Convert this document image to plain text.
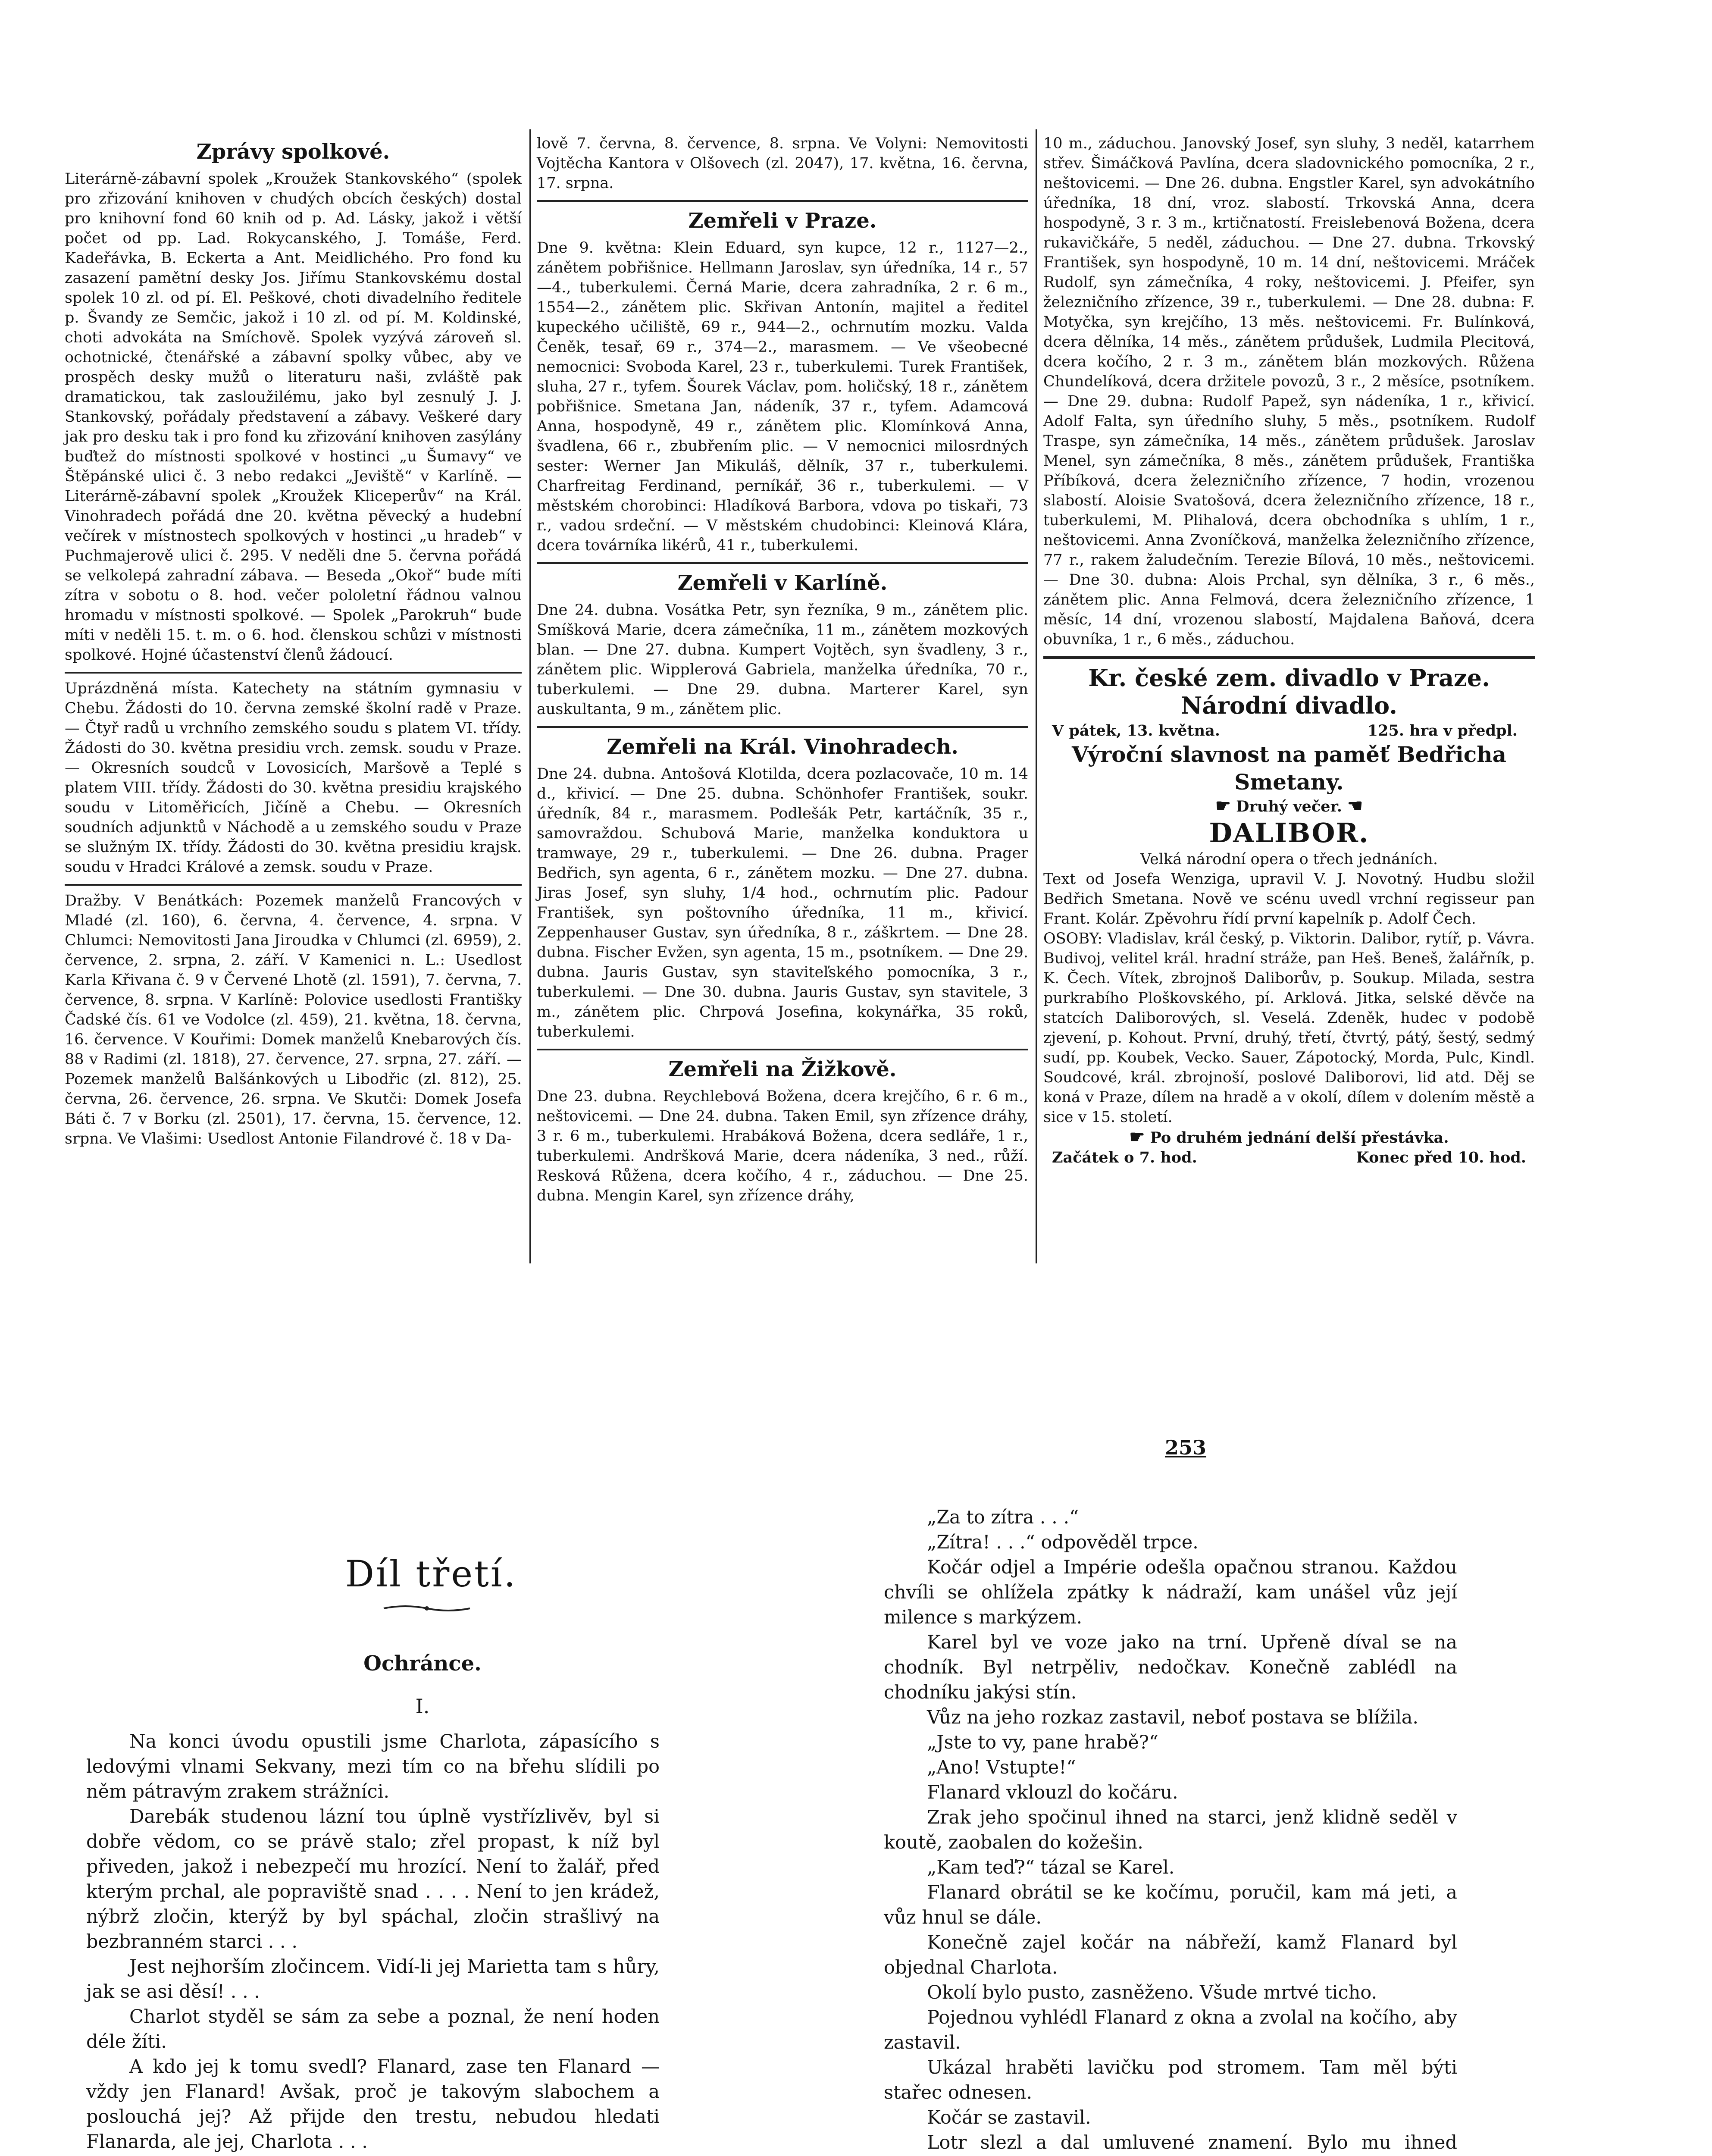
Zprávy spolkové.

Literárně-zábavní spolek „Kroužek Stankovského“ (spolek pro zřizování knihoven v chudých obcích českých) dostal pro knihovní fond 60 knih od p. Ad. Lásky, jakož i větší počet od pp. Lad. Rokycanského, J. Tomáše, Ferd. Kadeřávka, B. Eckerta a Ant. Meidlichého. Pro fond ku zasazení pamětní desky Jos. Jiřímu Stankovskému dostal spolek 10 zl. od pí. El. Peškové, choti divadelního ředitele p. Švandy ze Semčic, jakož i 10 zl. od pí. M. Koldinské, choti advokáta na Smíchově. Spolek vyzývá zároveň sl. ochotnické, čtenářské a zábavní spolky vůbec, aby ve prospěch desky mužů o literaturu naši, zvláště pak dramatickou, tak zasloužilému, jako byl zesnulý J. J. Stankovský, pořádaly představení a zábavy. Veškeré dary jak pro desku tak i pro fond ku zřizování knihoven zasýlány buďtež do místnosti spolkové v hostinci „u Šumavy“ ve Štěpánské ulici č. 3 nebo redakci „Jeviště“ v Karlíně. — Literárně-zábavní spolek „Kroužek Kliceperův“ na Král. Vinohradech pořádá dne 20. května pěvecký a hudební večírek v místnostech spolkových v hostinci „u hradeb“ v Puchmajerově ulici č. 295. V neděli dne 5. června pořádá se velkolepá zahradní zábava. — Beseda „Okoř“ bude míti zítra v sobotu o 8. hod. večer pololetní řádnou valnou hromadu v místnosti spolkové. — Spolek „Parokruh“ bude míti v neděli 15. t. m. o 6. hod. členskou schůzi v místnosti spolkové. Hojné účastenství členů žádoucí.

Uprázdněná místa. Katechety na státním gymnasiu v Chebu. Žádosti do 10. června zemské školní radě v Praze. — Čtyř radů u vrchního zemského soudu s platem VI. třídy. Žádosti do 30. května presidiu vrch. zemsk. soudu v Praze. — Okresních soudců v Lovosicích, Maršově a Teplé s platem VIII. třídy. Žádosti do 30. května presidiu krajského soudu v Litoměřicích, Jičíně a Chebu. — Okresních soudních adjunktů v Náchodě a u zemského soudu v Praze se služným IX. třídy. Žádosti do 30. května presidiu krajsk. soudu v Hradci Králové a zemsk. soudu v Praze.

Dražby. V Benátkách: Pozemek manželů Francových v Mladé (zl. 160), 6. června, 4. července, 4. srpna. V Chlumci: Nemovitosti Jana Jiroudka v Chlumci (zl. 6959), 2. července, 2. srpna, 2. září. V Kamenici n. L.: Usedlost Karla Křivana č. 9 v Červené Lhotě (zl. 1591), 7. června, 7. července, 8. srpna. V Karlíně: Polovice usedlosti Františky Čadské čís. 61 ve Vodolce (zl. 459), 21. května, 18. června, 16. července. V Kouřimi: Domek manželů Knebarových čís. 88 v Radimi (zl. 1818), 27. července, 27. srpna, 27. září. — Pozemek manželů Balšánkových u Libodřic (zl. 812), 25. června, 26. července, 26. srpna. Ve Skutči: Domek Josefa Báti č. 7 v Borku (zl. 2501), 17. června, 15. července, 12. srpna. Ve Vlašimi: Usedlost Antonie Filandrové č. 18 v Da-

lově 7. června, 8. července, 8. srpna. Ve Volyni: Nemovitosti Vojtěcha Kantora v Olšovech (zl. 2047), 17. května, 16. června, 17. srpna.

Zemřeli v Praze.

Dne 9. května: Klein Eduard, syn kupce, 12 r., 1127—2., zánětem pobřišnice. Hellmann Jaroslav, syn úředníka, 14 r., 57—4., tuberkulemi. Černá Marie, dcera zahradníka, 2 r. 6 m., 1554—2., zánětem plic. Skřivan Antonín, majitel a ředitel kupeckého učiliště, 69 r., 944—2., ochrnutím mozku. Valda Čeněk, tesař, 69 r., 374—2., marasmem. — Ve všeobecné nemocnici: Svoboda Karel, 23 r., tuberkulemi. Turek František, sluha, 27 r., tyfem. Šourek Václav, pom. holičský, 18 r., zánětem pobřišnice. Smetana Jan, nádeník, 37 r., tyfem. Adamcová Anna, hospodyně, 49 r., zánětem plic. Klomínková Anna, švadlena, 66 r., zbubřením plic. — V nemocnici milosrdných sester: Werner Jan Mikuláš, dělník, 37 r., tuberkulemi. Charfreitag Ferdinand, perníkář, 36 r., tuberkulemi. — V městském chorobinci: Hladíková Barbora, vdova po tiskaři, 73 r., vadou srdeční. — V městském chudobinci: Kleinová Klára, dcera továrníka likérů, 41 r., tuberkulemi.

Zemřeli v Karlíně.

Dne 24. dubna. Vosátka Petr, syn řezníka, 9 m., zánětem plic. Smíšková Marie, dcera zámečníka, 11 m., zánětem mozkových blan. — Dne 27. dubna. Kumpert Vojtěch, syn švadleny, 3 r., zánětem plic. Wipplerová Gabriela, manželka úředníka, 70 r., tuberkulemi. — Dne 29. dubna. Marterer Karel, syn auskultanta, 9 m., zánětem plic.

Zemřeli na Král. Vinohradech.

Dne 24. dubna. Antošová Klotilda, dcera pozlacovače, 10 m. 14 d., křivicí. — Dne 25. dubna. Schönhofer František, soukr. úředník, 84 r., marasmem. Podlešák Petr, kartáčník, 35 r., samovraždou. Schubová Marie, manželka konduktora u tramwaye, 29 r., tuberkulemi. — Dne 26. dubna. Prager Bedřich, syn agenta, 6 r., zánětem mozku. — Dne 27. dubna. Jiras Josef, syn sluhy, 1/4 hod., ochrnutím plic. Padour František, syn poštovního úředníka, 11 m., křivicí. Zeppenhauser Gustav, syn úředníka, 8 r., záškrtem. — Dne 28. dubna. Fischer Evžen, syn agenta, 15 m., psotníkem. — Dne 29. dubna. Jauris Gustav, syn staviteľského pomocníka, 3 r., tuberkulemi. — Dne 30. dubna. Jauris Gustav, syn stavitele, 3 m., zánětem plic. Chrpová Josefina, kokynářka, 35 roků, tuberkulemi.

Zemřeli na Žižkově.

Dne 23. dubna. Reychlebová Božena, dcera krejčího, 6 r. 6 m., neštovicemi. — Dne 24. dubna. Taken Emil, syn zřízence dráhy, 3 r. 6 m., tuberkulemi. Hrabáková Božena, dcera sedláře, 1 r., tuberkulemi. Andršková Marie, dcera nádeníka, 3 ned., růží. Resková Růžena, dcera kočího, 4 r., záduchou. — Dne 25. dubna. Mengin Karel, syn zřízence dráhy,

10 m., záduchou. Janovský Josef, syn sluhy, 3 neděl, katarrhem střev. Šimáčková Pavlína, dcera sladovnického pomocníka, 2 r., neštovicemi. — Dne 26. dubna. Engstler Karel, syn advokátního úředníka, 18 dní, vroz. slabostí. Trkovská Anna, dcera hospodyně, 3 r. 3 m., krtičnatostí. Freislebenová Božena, dcera rukavičkáře, 5 neděl, záduchou. — Dne 27. dubna. Trkovský František, syn hospodyně, 10 m. 14 dní, neštovicemi. Mráček Rudolf, syn zámečníka, 4 roky, neštovicemi. J. Pfeifer, syn železničního zřízence, 39 r., tuberkulemi. — Dne 28. dubna: F. Motyčka, syn krejčího, 13 měs. neštovicemi. Fr. Bulínková, dcera dělníka, 14 měs., zánětem průdušek, Ludmila Plecitová, dcera kočího, 2 r. 3 m., zánětem blán mozkových. Růžena Chundelíková, dcera držitele povozů, 3 r., 2 měsíce, psotníkem. — Dne 29. dubna: Rudolf Papež, syn nádeníka, 1 r., křivicí. Adolf Falta, syn úředního sluhy, 5 měs., psotníkem. Rudolf Traspe, syn zámečníka, 14 měs., zánětem průdušek. Jaroslav Menel, syn zámečníka, 8 měs., zánětem průdušek, Františka Příbíková, dcera železničního zřízence, 7 hodin, vrozenou slabostí. Aloisie Svatošová, dcera železničního zřízence, 18 r., tuberkulemi, M. Plihalová, dcera obchodníka s uhlím, 1 r., neštovicemi. Anna Zvoníčková, manželka železničního zřízence, 77 r., rakem žaludečním. Terezie Bílová, 10 měs., neštovicemi. — Dne 30. dubna: Alois Prchal, syn dělníka, 3 r., 6 měs., zánětem plic. Anna Felmová, dcera železničního zřízence, 1 měsíc, 14 dní, vrozenou slabostí, Majdalena Baňová, dcera obuvníka, 1 r., 6 měs., záduchou.

Kr. české zem. divadlo v Praze.
Národní divadlo.
V pátek, 13. května.	125. hra v předpl.
Výroční slavnost na paměť Bedřicha Smetany.
☛ Druhý večer. ☚
DALIBOR.
Velká národní opera o třech jednáních.

Text od Josefa Wenziga, upravil V. J. Novotný. Hudbu složil Bedřich Smetana. Nově ve scénu uvedl vrchní regisseur pan Frant. Kolár. Zpěvohru řídí první kapelník p. Adolf Čech.

OSOBY: Vladislav, král český, p. Viktorin. Dalibor, rytíř, p. Vávra. Budivoj, velitel král. hradní stráže, pan Heš. Beneš, žalářník, p. K. Čech. Vítek, zbrojnoš Daliborův, p. Soukup. Milada, sestra purkrabího Ploškovského, pí. Arklová. Jitka, selské děvče na statcích Daliborových, sl. Veselá. Zdeněk, hudec v podobě zjevení, p. Kohout. První, druhý, třetí, čtvrtý, pátý, šestý, sedmý sudí, pp. Koubek, Vecko. Sauer, Zápotocký, Morda, Pulc, Kindl. Soudcové, král. zbrojnoší, poslové Daliborovi, lid atd. Děj se koná v Praze, dílem na hradě a v okolí, dílem v dolením městě a sice v 15. století.

☛ Po druhém jednání delší přestávka.
Začátek o 7. hod.	Konec před 10. hod.
253
Díl třetí.
Ochránce.
I.

Na konci úvodu opustili jsme Charlota, zápasícího s ledovými vlnami Sekvany, mezi tím co na břehu slídili po něm pátravým zrakem strážníci.

Darebák studenou lázní tou úplně vystřízlivěv, byl si dobře vědom, co se právě stalo; zřel propast, k níž byl přiveden, jakož i nebezpečí mu hrozící. Není to žalář, před kterým prchal, ale popraviště snad . . . . Není to jen krádež, nýbrž zločin, kterýž by byl spáchal, zločin strašlivý na bezbranném starci . . .

Jest nejhorším zločincem. Vidí-li jej Marietta tam s hůry, jak se asi děsí! . . .

Charlot styděl se sám za sebe a poznal, že není hoden déle žíti.

A kdo jej k tomu svedl? Flanard, zase ten Flanard — vždy jen Flanard! Avšak, proč je takovým slabochem a poslouchá jej? Až přijde den trestu, nebudou hledati Flanarda, ale jej, Charlota . . .

„Za to zítra . . .“

„Zítra! . . .“ odpověděl trpce.

Kočár odjel a Impérie odešla opačnou stranou. Každou chvíli se ohlížela zpátky k nádraží, kam unášel vůz její milence s markýzem.

Karel byl ve voze jako na trní. Upřeně díval se na chodník. Byl netrpěliv, nedočkav. Konečně zablédl na chodníku jakýsi stín.

Vůz na jeho rozkaz zastavil, neboť postava se blížila.

„Jste to vy, pane hrabě?“

„Ano! Vstupte!“

Flanard vklouzl do kočáru.

Zrak jeho spočinul ihned na starci, jenž klidně seděl v koutě, zaobalen do kožešin.

„Kam teď?“ tázal se Karel.

Flanard obrátil se ke kočímu, poručil, kam má jeti, a vůz hnul se dále.

Konečně zajel kočár na nábřeží, kamž Flanard byl objednal Charlota.

Okolí bylo pusto, zasněženo. Všude mrtvé ticho.

Pojednou vyhlédl Flanard z okna a zvolal na kočího, aby zastavil.

Ukázal hraběti lavičku pod stromem. Tam měl býti stařec odnesen.

Kočár se zastavil.

Lotr slezl a dal umluvené znamení. Bylo mu ihned
